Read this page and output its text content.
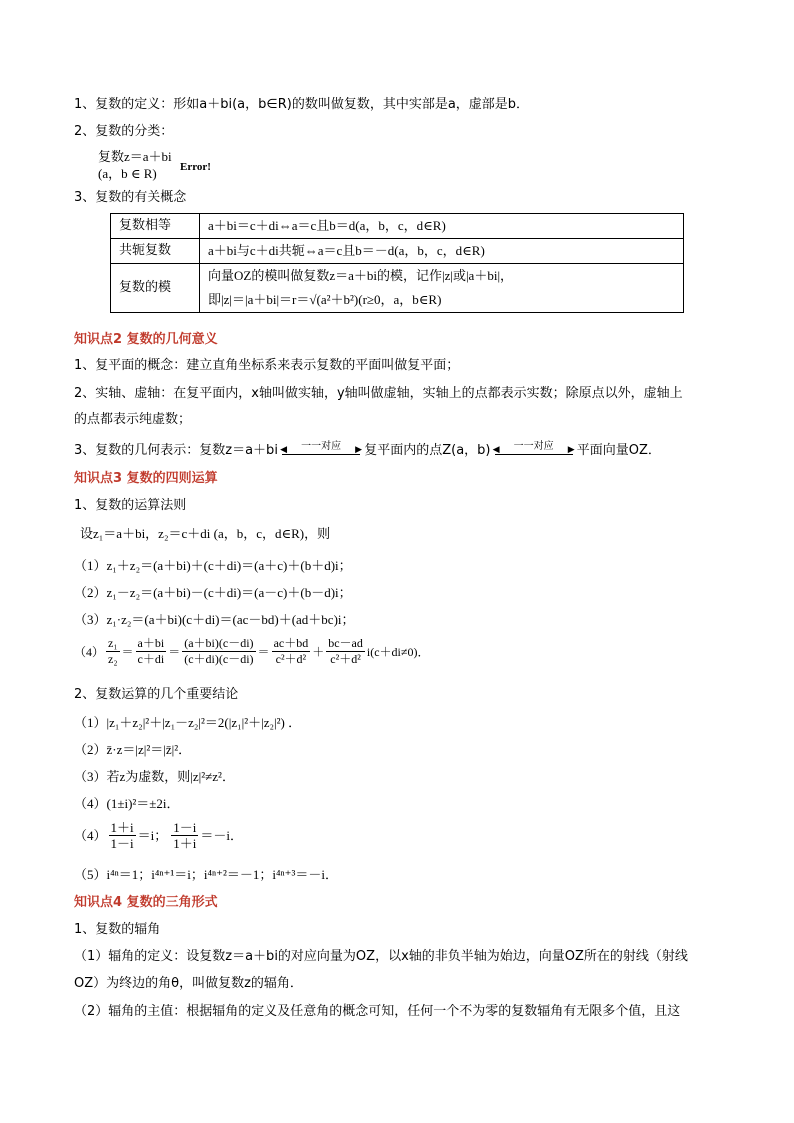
1、复数的定义：形如a＋bi(a，b∈R)的数叫做复数，其中实部是a，虚部是b．
2、复数的分类：
复数z＝a＋bi
Error!
(a，b ∈ R)
3、复数的有关概念
复数相等	a＋bi＝c＋di⇔a＝c且b＝d(a，b，c，d∈R)
共轭复数	a＋bi与c＋di共轭⇔a＝c且b＝－d(a，b，c，d∈R)
复数的模	向量OZ的模叫做复数z＝a＋bi的模，记作|z|或|a＋bi|，
即|z|＝|a＋bi|＝r＝√(a²＋b²)(r≥0，a，b∈R)
知识点2 复数的几何意义
1、复平面的概念：建立直角坐标系来表示复数的平面叫做复平面；
2、实轴、虚轴：在复平面内，x轴叫做实轴，y轴叫做虚轴，实轴上的点都表示实数；除原点以外，虚轴上
的点都表示纯虚数；
3、复数的几何表示：复数z＝a＋bi	一一对应
◀	▶ 复平面内的点Z(a，b)	一一对应
◀	▶ 平面向量OZ．
知识点3 复数的四则运算
1、复数的运算法则
设z₁＝a＋bi，z₂＝c＋di (a，b，c，d∈R)，则
（1）z₁＋z₂＝(a＋bi)＋(c＋di)＝(a＋c)＋(b＋d)i；
（2）z₁－z₂＝(a＋bi)－(c＋di)＝(a－c)＋(b－d)i；
（3）z₁·z₂＝(a＋bi)(c＋di)＝(ac－bd)＋(ad＋bc)i；
$(4) \frac{\text{z₁}}{\text{z₂}} = \frac{a+bi}{c+di} = \frac{(a+bi)(c-di)}{(c+di)(c-di)} = \frac{ac+bd}{\text{c²＋d²}} + \frac{bc-ad}{\text{c²＋d²}} i(c+di\ne 0)$．
2、复数运算的几个重要结论
（1）|z₁＋z₂|²＋|z₁－z₂|²＝2(|z₁|²＋|z₂|²) ．
（2）z̄·z＝|z|²＝|z̄|²．
（3）若z为虚数，则|z|²≠z²．
（4）(1±i)²＝±2i．
$(4) \frac{1+i}{1-i} =i$； $\frac{1-i}{1+i} =-i$．
（5）i⁴ⁿ＝1；i⁴ⁿ⁺¹＝i；i⁴ⁿ⁺²＝－1；i⁴ⁿ⁺³＝－i．
知识点4 复数的三角形式
1、复数的辐角
（1）辐角的定义：设复数z＝a＋bi的对应向量为OZ，以x轴的非负半轴为始边，向量OZ所在的射线（射线
OZ）为终边的角θ，叫做复数z的辐角．
（2）辐角的主值：根据辐角的定义及任意角的概念可知，任何一个不为零的复数辐角有无限多个值，且这
